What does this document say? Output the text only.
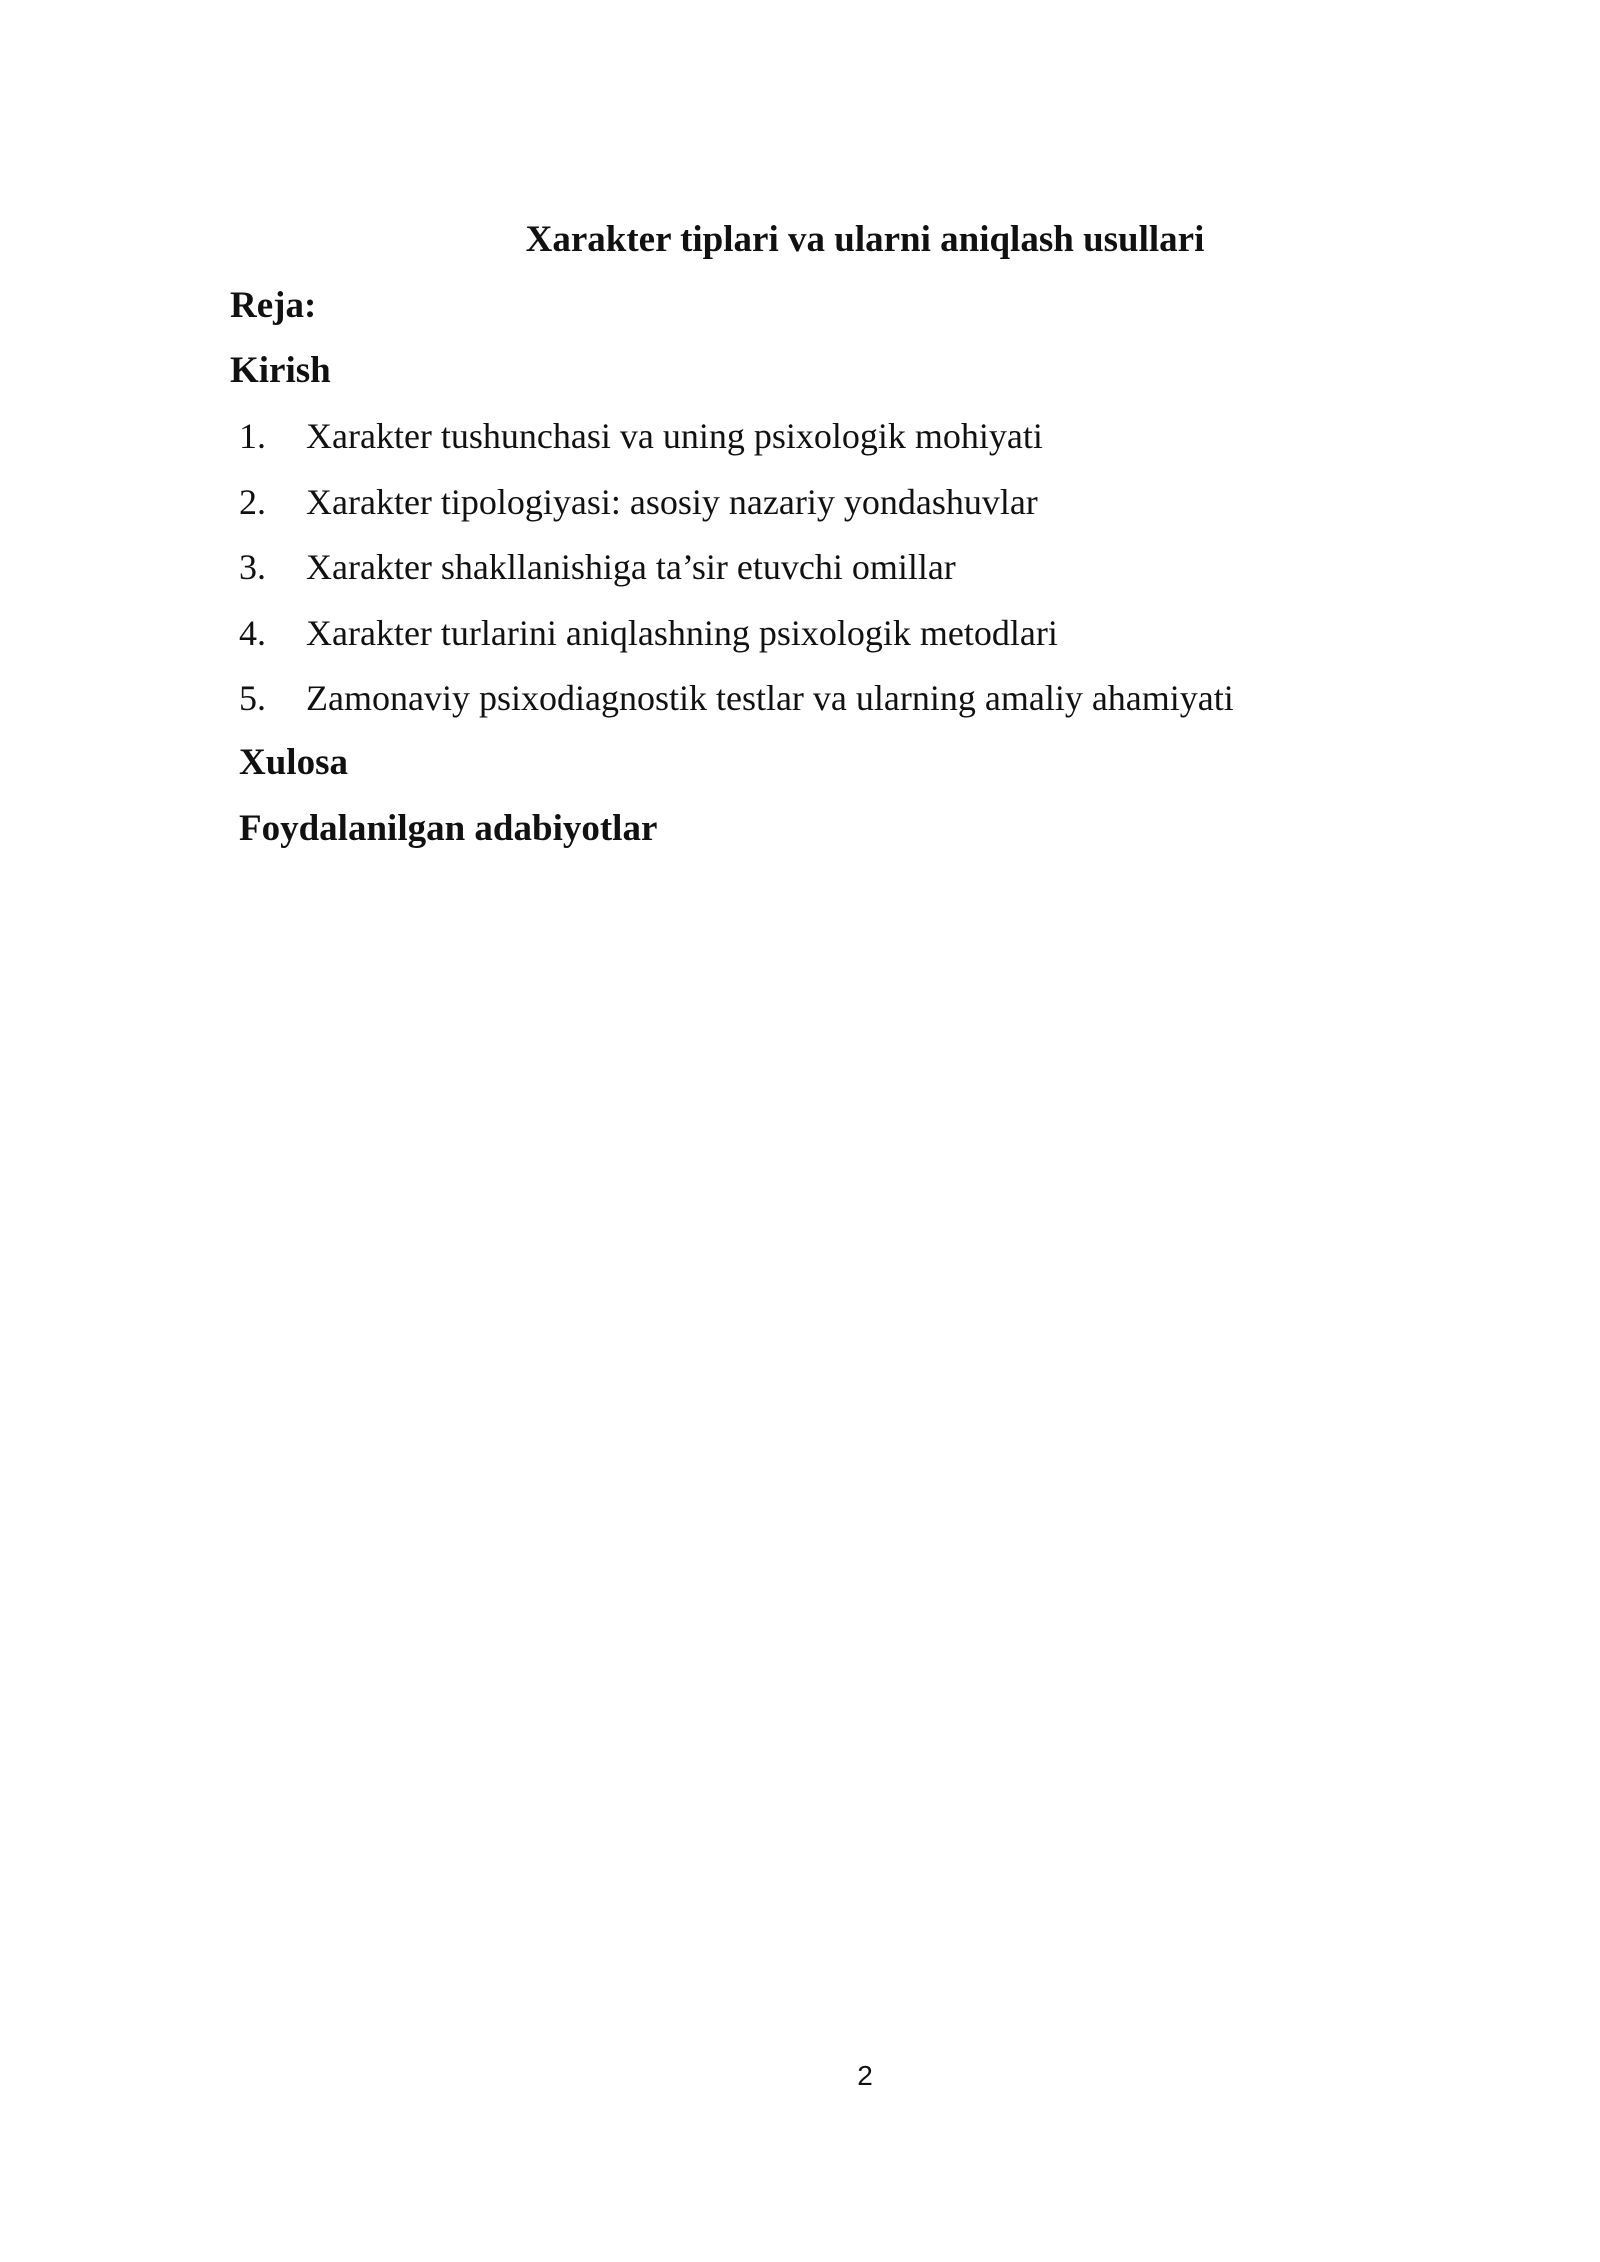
Xarakter tiplari va ularni aniqlash usullari
Reja:
Kirish
1.	Xarakter tushunchasi va uning psixologik mohiyati
2.	Xarakter tipologiyasi: asosiy nazariy yondashuvlar
3.	Xarakter shakllanishiga ta’sir etuvchi omillar
4.	Xarakter turlarini aniqlashning psixologik metodlari
5.	Zamonaviy psixodiagnostik testlar va ularning amaliy ahamiyati
Xulosa
Foydalanilgan adabiyotlar
2
